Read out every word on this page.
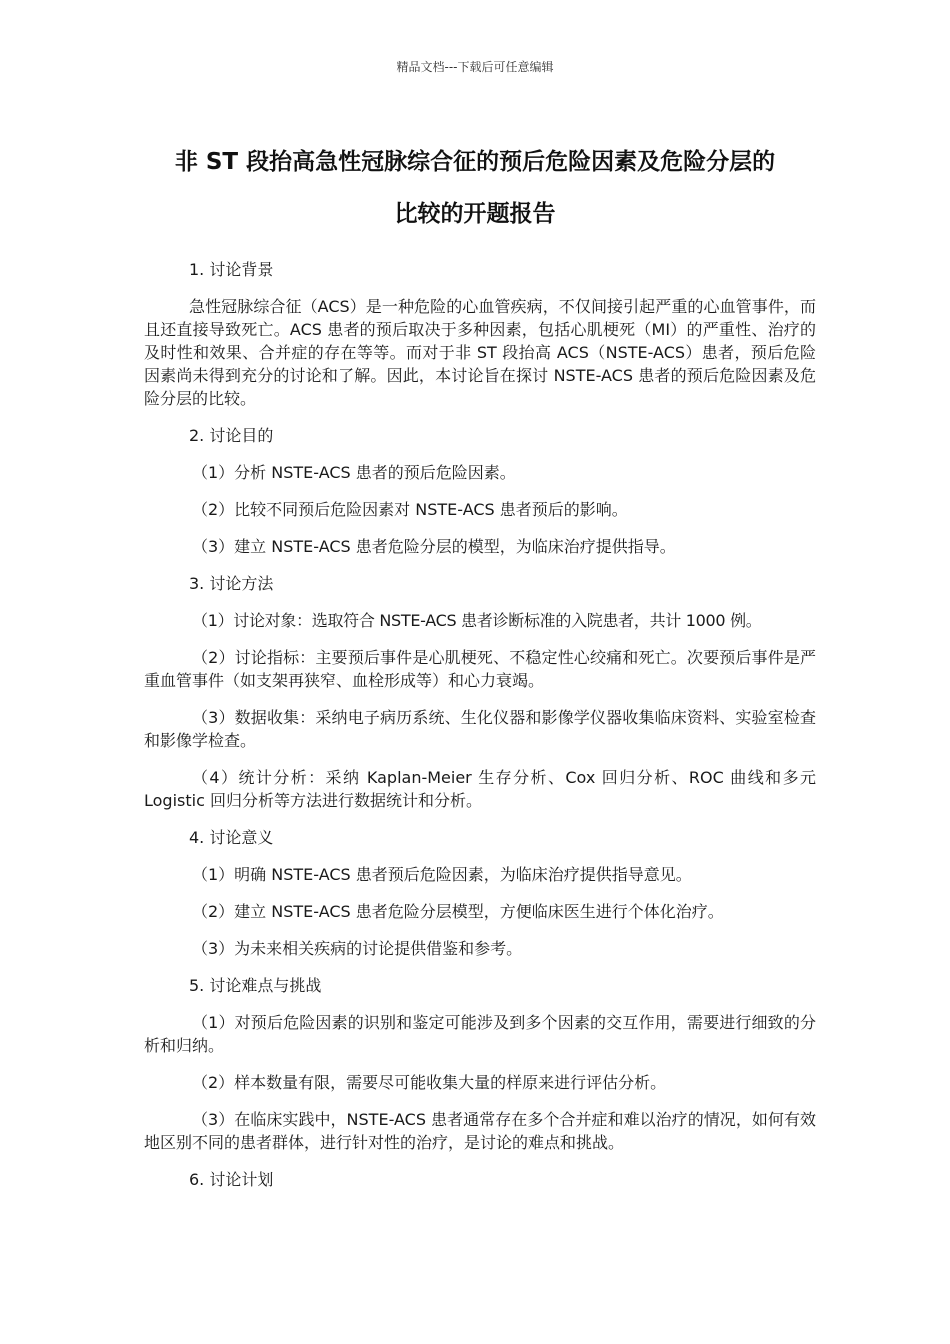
精品文档---下载后可任意编辑
非 ST 段抬高急性冠脉综合征的预后危险因素及危险分层的
比较的开题报告

1. 讨论背景

急性冠脉综合征（ACS）是一种危险的心血管疾病，不仅间接引起严重的心血管事件，而且还直接导致死亡。ACS 患者的预后取决于多种因素，包括心肌梗死（MI）的严重性、治疗的及时性和效果、合并症的存在等等。而对于非 ST 段抬高 ACS（NSTE-ACS）患者，预后危险因素尚未得到充分的讨论和了解。因此，本讨论旨在探讨 NSTE-ACS 患者的预后危险因素及危险分层的比较。

2. 讨论目的

（1）分析 NSTE-ACS 患者的预后危险因素。

（2）比较不同预后危险因素对 NSTE-ACS 患者预后的影响。

（3）建立 NSTE-ACS 患者危险分层的模型，为临床治疗提供指导。

3. 讨论方法

（1）讨论对象：选取符合 NSTE-ACS 患者诊断标准的入院患者，共计 1000 例。

（2）讨论指标：主要预后事件是心肌梗死、不稳定性心绞痛和死亡。次要预后事件是严重血管事件（如支架再狭窄、血栓形成等）和心力衰竭。

（3）数据收集：采纳电子病历系统、生化仪器和影像学仪器收集临床资料、实验室检查和影像学检查。

（4）统计分析：采纳 Kaplan-Meier 生存分析、Cox 回归分析、ROC 曲线和多元 Logistic 回归分析等方法进行数据统计和分析。

4. 讨论意义

（1）明确 NSTE-ACS 患者预后危险因素，为临床治疗提供指导意见。

（2）建立 NSTE-ACS 患者危险分层模型，方便临床医生进行个体化治疗。

（3）为未来相关疾病的讨论提供借鉴和参考。

5. 讨论难点与挑战

（1）对预后危险因素的识别和鉴定可能涉及到多个因素的交互作用，需要进行细致的分析和归纳。

（2）样本数量有限，需要尽可能收集大量的样原来进行评估分析。

（3）在临床实践中，NSTE-ACS 患者通常存在多个合并症和难以治疗的情况，如何有效地区别不同的患者群体，进行针对性的治疗，是讨论的难点和挑战。

6. 讨论计划
